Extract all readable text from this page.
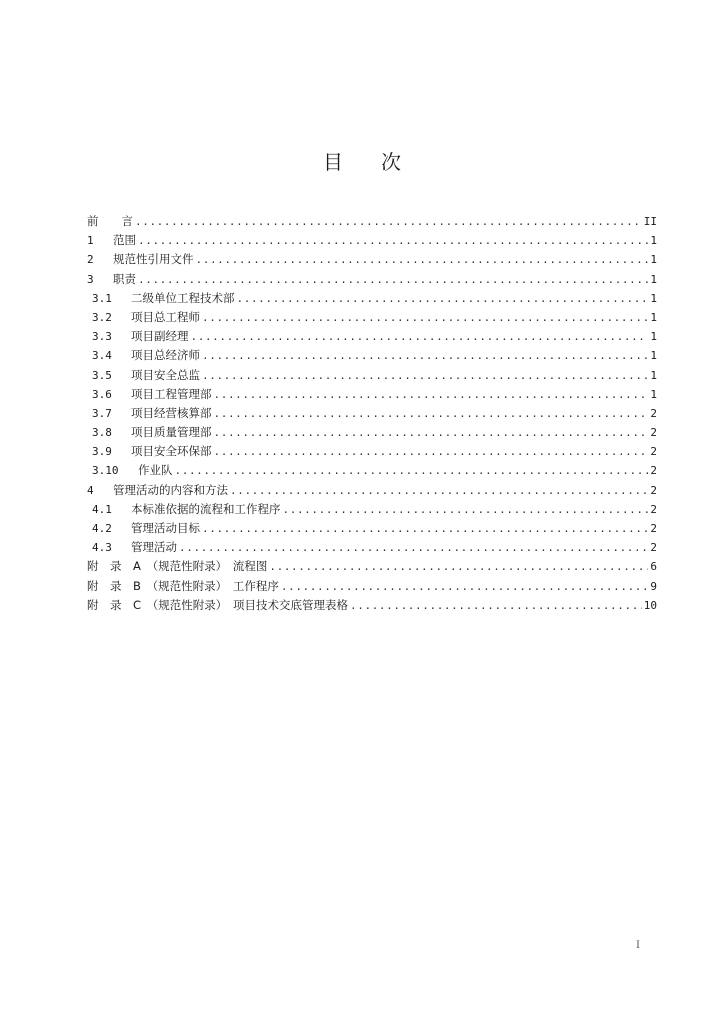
目 次
前　　言 .....	II
1	范围 .....	1
2	规范性引用文件 .....	1
3	职责 .....	1
3.1	二级单位工程技术部 .....	1
3.2	项目总工程师 .....	1
3.3	项目副经理 .....	1
3.4	项目总经济师 .....	1
3.5	项目安全总监 .....	1
3.6	项目工程管理部 .....	1
3.7	项目经营核算部 .....	2
3.8	项目质量管理部 .....	2
3.9	项目安全环保部 .....	2
3.10	作业队 .....	2
4	管理活动的内容和方法 .....	2
4.1	本标准依据的流程和工作程序 .....	2
4.2	管理活动目标 .....	2
4.3	管理活动 .....	2
附　录　A　（规范性附录）　流程图 .....	6
附　录　B　（规范性附录）　工作程序 .....	9
附　录　C　（规范性附录）　项目技术交底管理表格 .....	10
I
